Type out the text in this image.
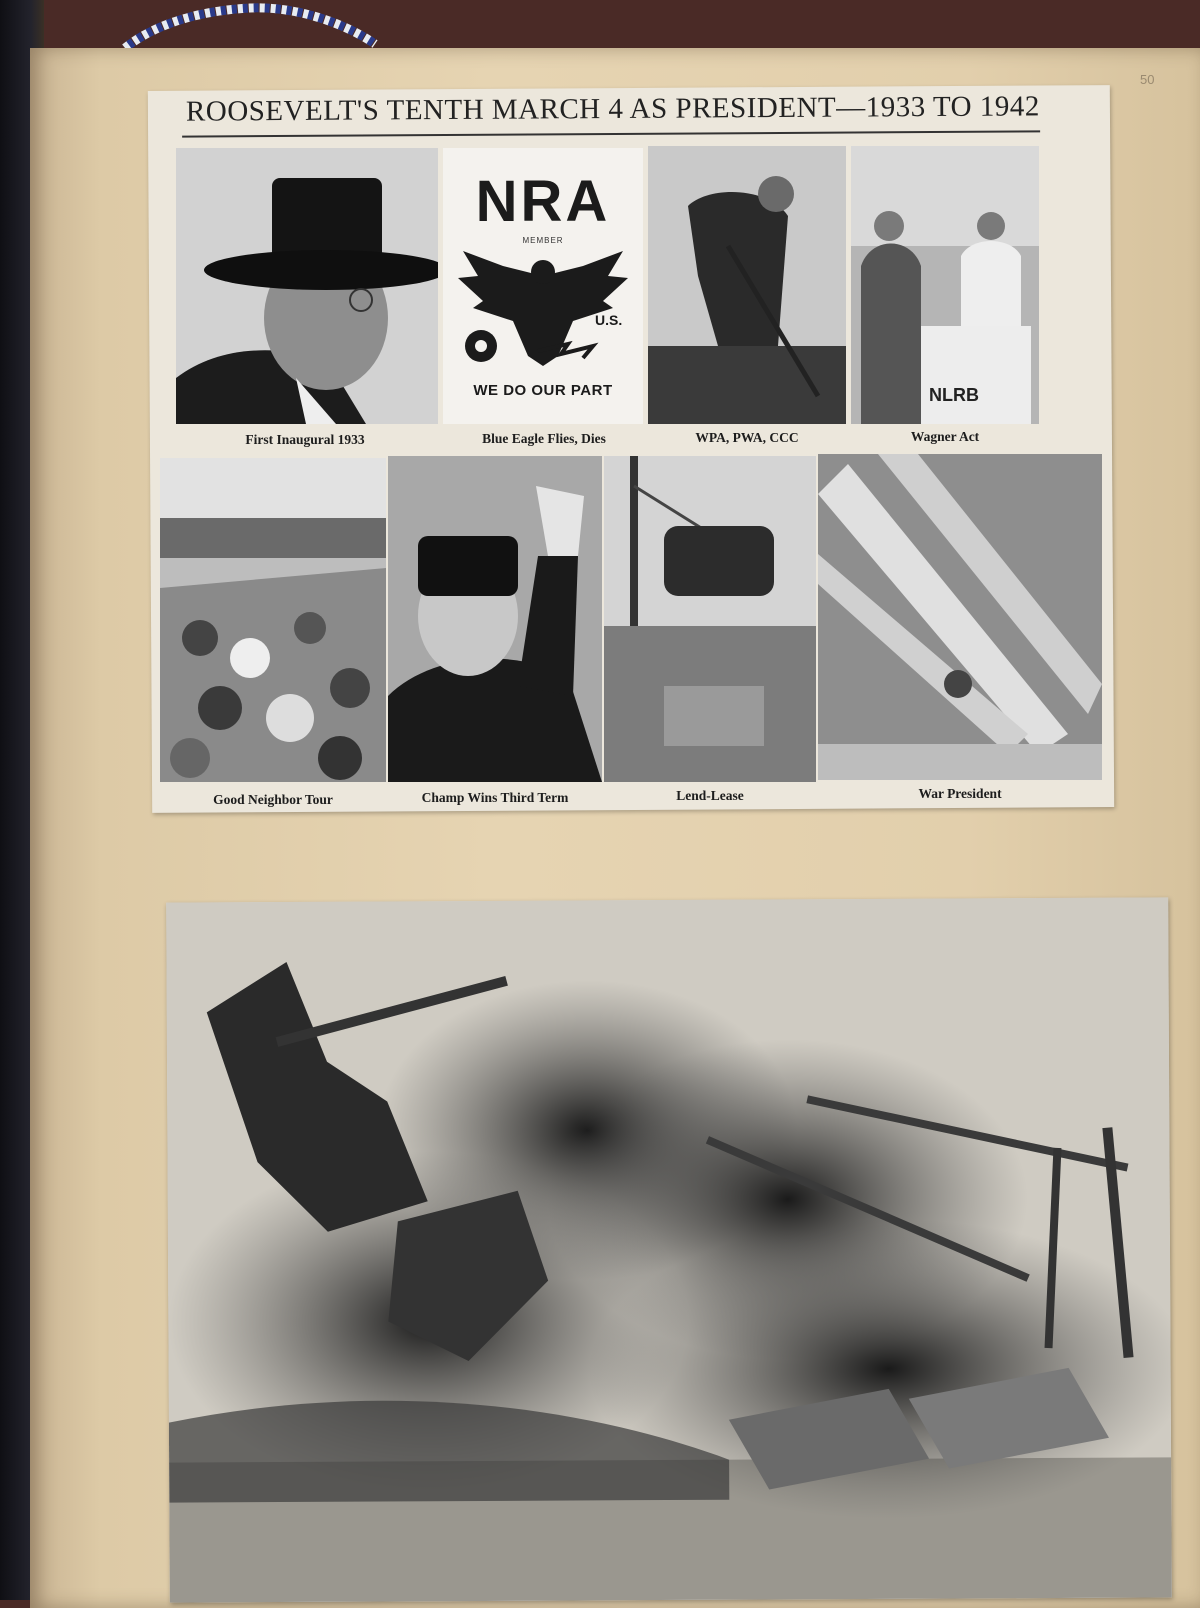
50
ROOSEVELT'S TENTH MARCH 4 AS PRESIDENT—1933 TO 1942
NRA
MEMBER
U.S.
WE DO OUR PART	NLRB
First Inaugural 1933	Blue Eagle Flies, Dies	WPA, PWA, CCC	Wagner Act
Good Neighbor Tour	Champ Wins Third Term	Lend-Lease	War President
